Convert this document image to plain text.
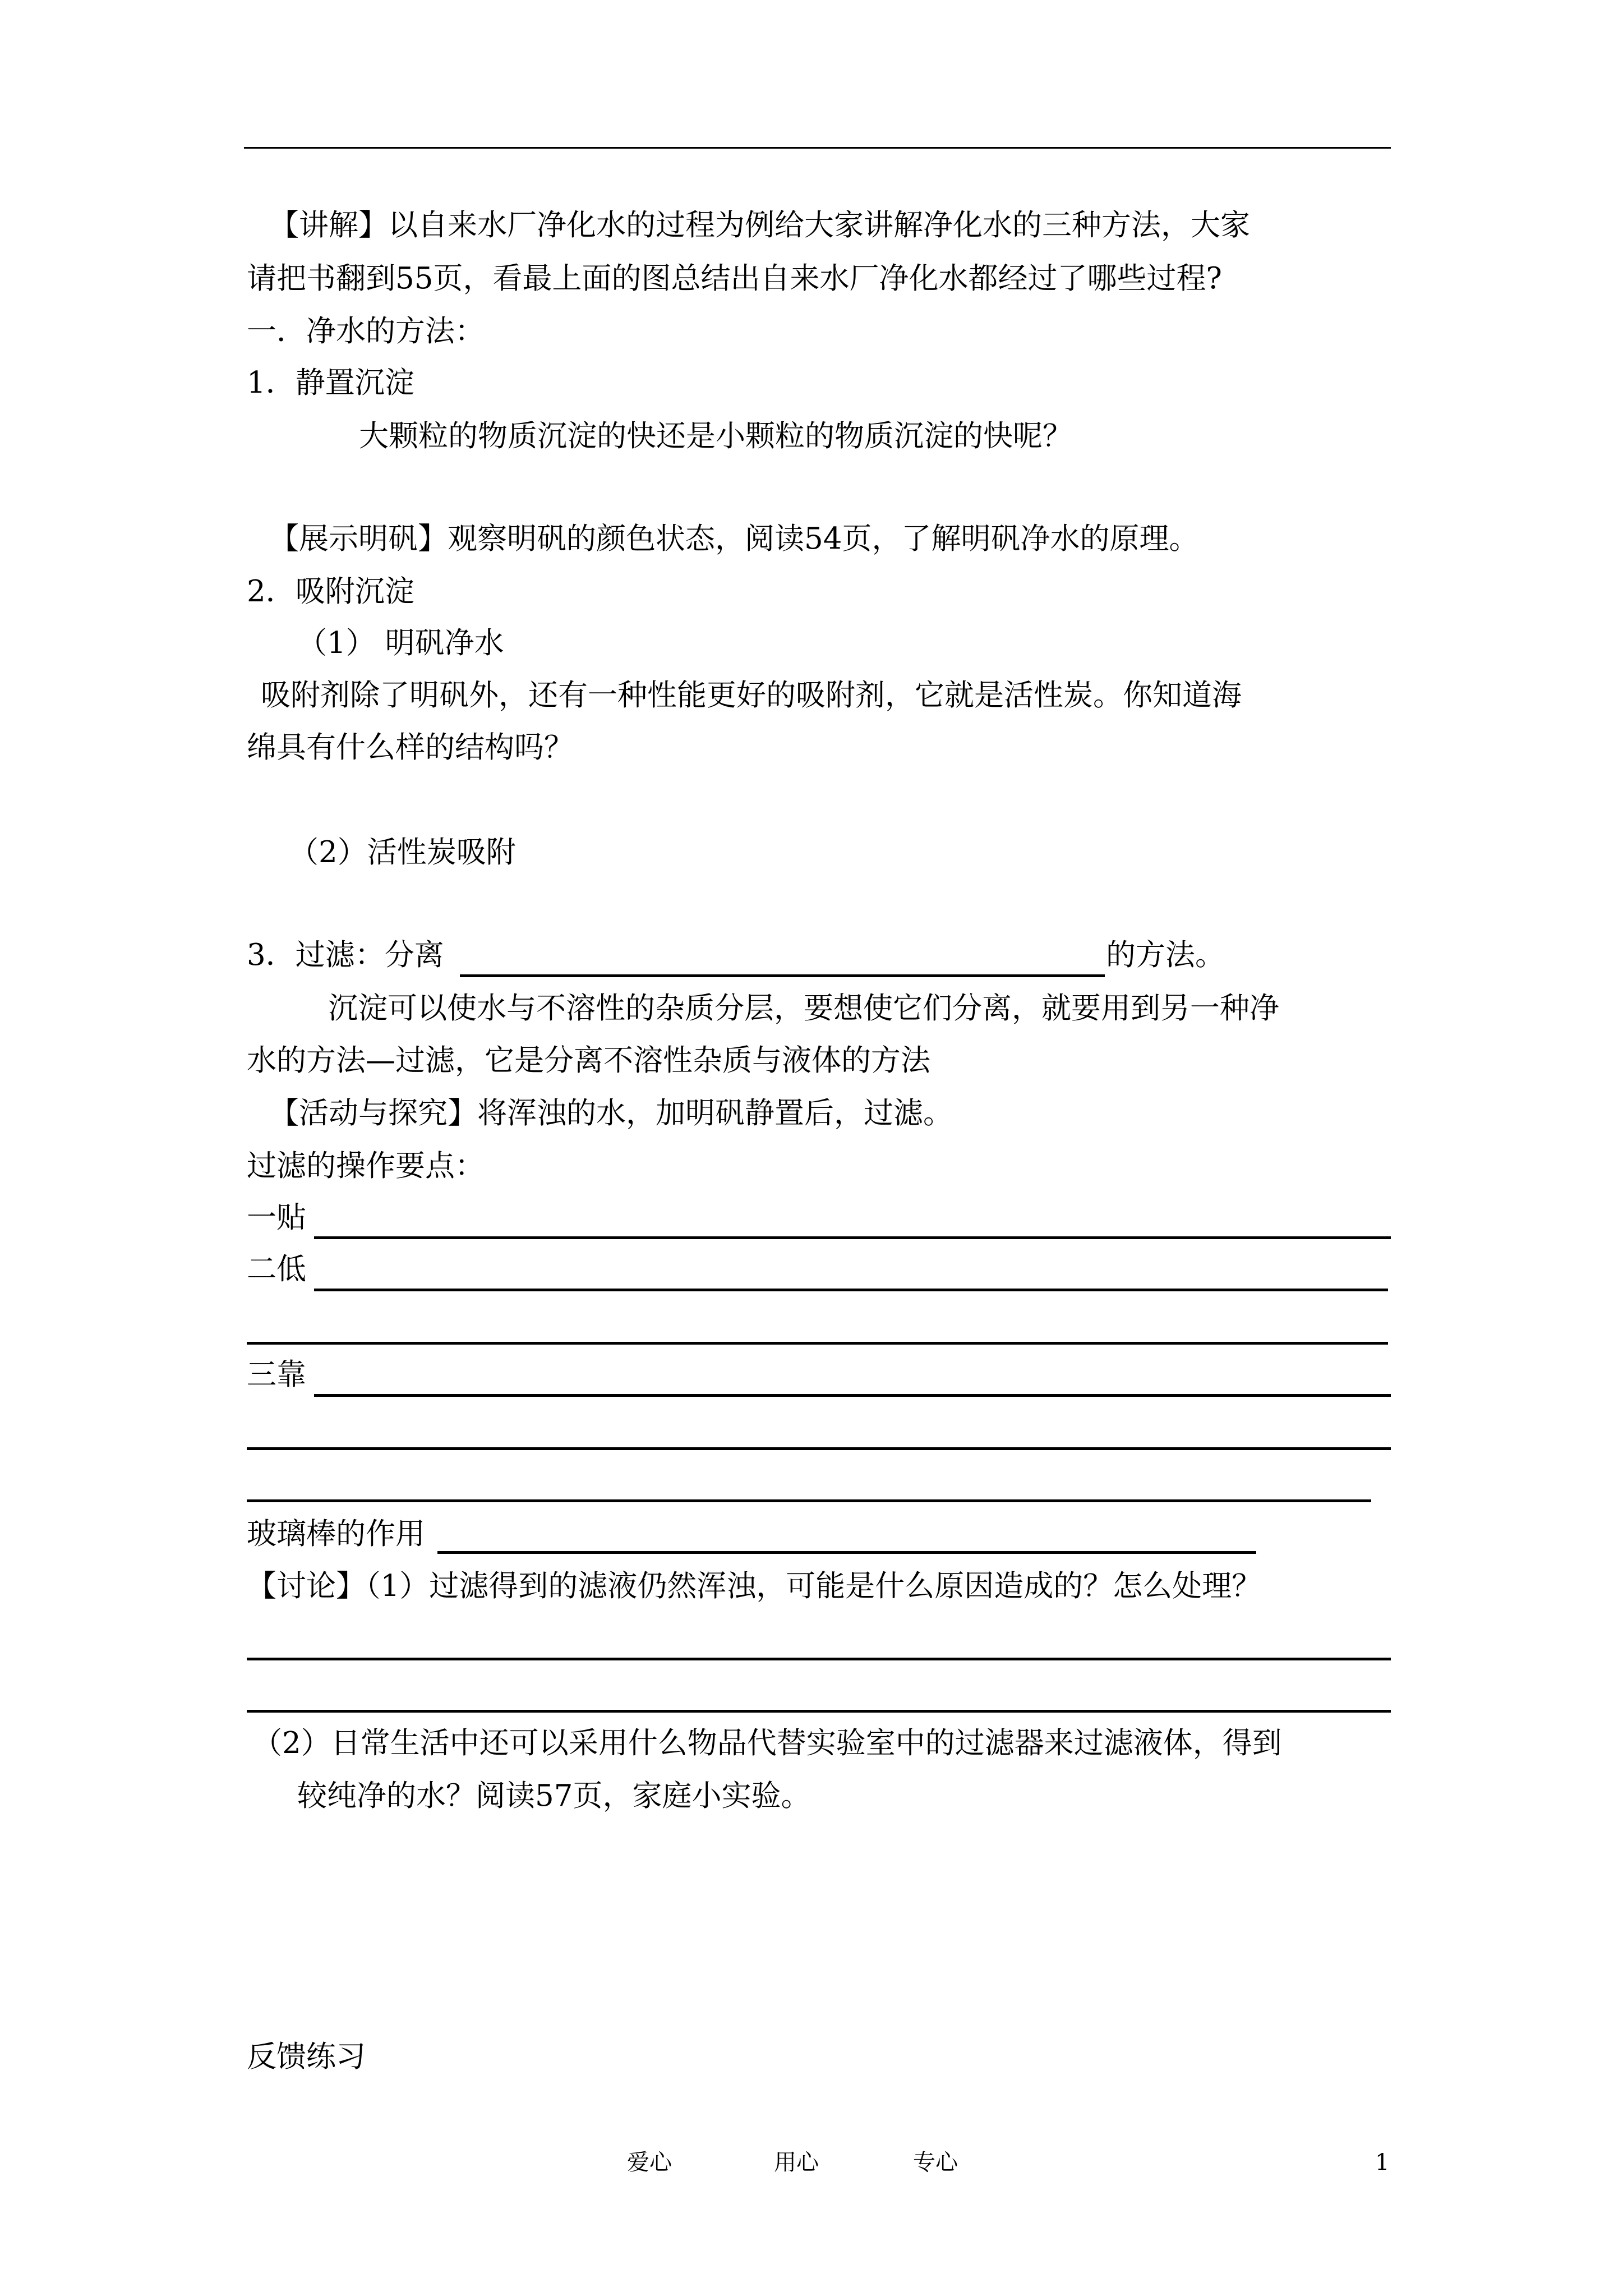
【讲解】以自来水厂净化水的过程为例给大家讲解净化水的三种方法，大家
请把书翻到55页，看最上面的图总结出自来水厂净化水都经过了哪些过程?
一．净水的方法：
1．静置沉淀
大颗粒的物质沉淀的快还是小颗粒的物质沉淀的快呢？
【展示明矾】观察明矾的颜色状态，阅读54页，了解明矾净水的原理。
2．吸附沉淀
（1） 明矾净水
吸附剂除了明矾外，还有一种性能更好的吸附剂，它就是活性炭。你知道海
绵具有什么样的结构吗？
（2）活性炭吸附
3．过滤：分离	的方法。
沉淀可以使水与不溶性的杂质分层，要想使它们分离，就要用到另一种净
水的方法—过滤，它是分离不溶性杂质与液体的方法
【活动与探究】将浑浊的水，加明矾静置后，过滤。
过滤的操作要点：
一贴
二低
三靠
玻璃棒的作用
【讨论】（1）过滤得到的滤液仍然浑浊，可能是什么原因造成的？怎么处理？
（2）日常生活中还可以采用什么物品代替实验室中的过滤器来过滤液体，得到
较纯净的水？阅读57页，家庭小实验。
反馈练习
爱心	用心	专心	1
